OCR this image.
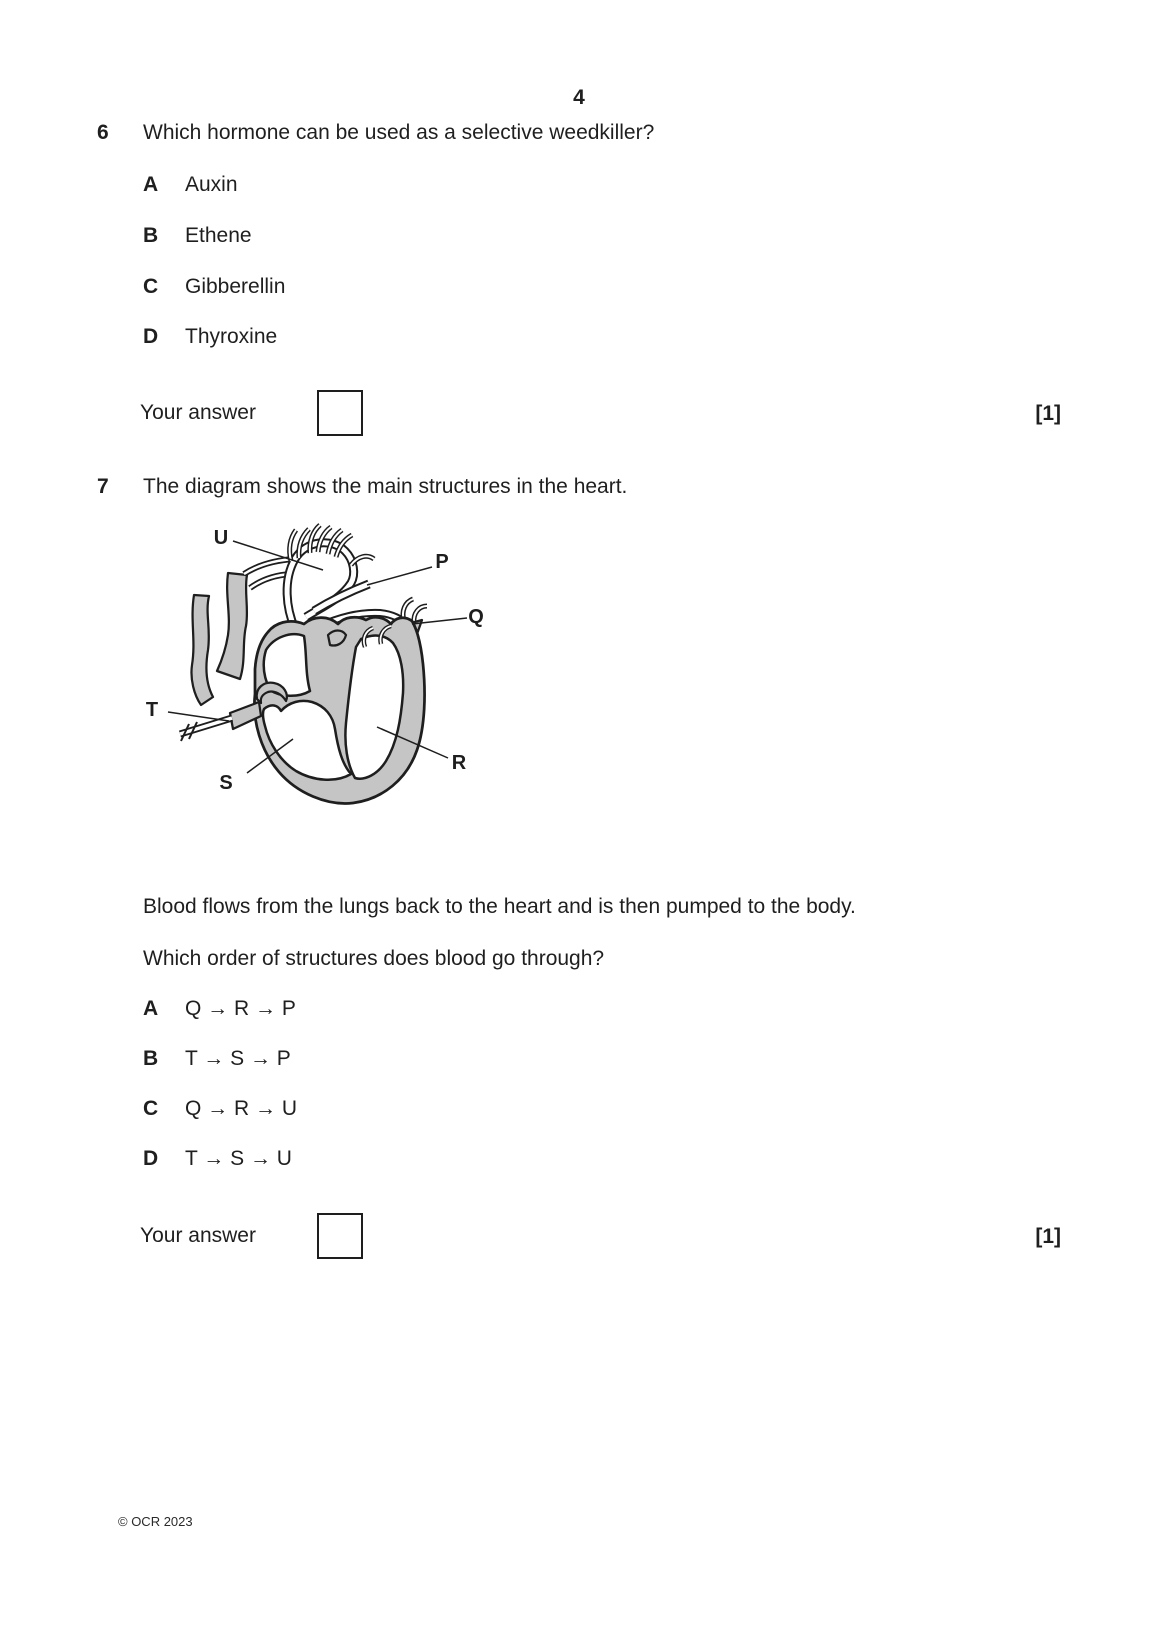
4
6 Which hormone can be used as a selective weedkiller?
A	Auxin
B	Ethene
C	Gibberellin
D	Thyroxine
Your answer	[1]
7 The diagram shows the main structures in the heart.
U
P
Q
T
S
R
Blood flows from the lungs back to the heart and is then pumped to the body.
Which order of structures does blood go through?
A	Q → R → P
B	T → S → P
C	Q → R → U
D	T → S → U
Your answer	[1]
© OCR 2023
